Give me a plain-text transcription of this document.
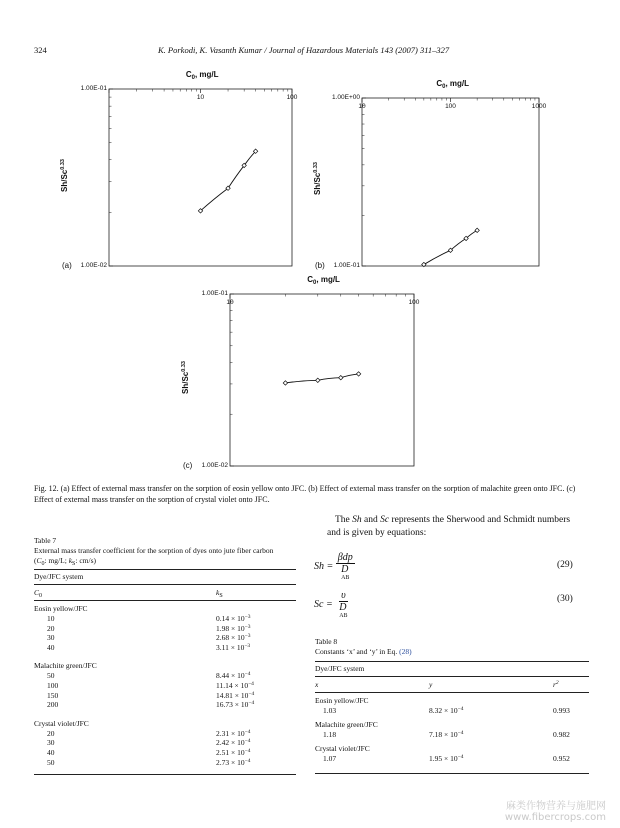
324	K. Porkodi, K. Vasanth Kumar / Journal of Hazardous Materials 143 (2007) 311–327
10	100
1.00E-01
1.00E-02
$C_0$, mg/L
$Sh/Sc^{0.33}$
(a)
10	100	1000
1.00E+00
1.00E-01
$C_0$, mg/L
$Sh/Sc^{0.33}$
(b)
10	100
1.00E-01
1.00E-02
$C_0$, mg/L
$Sh/Sc^{0.33}$
(c)
Fig. 12. (a) Effect of external mass transfer on the sorption of eosin yellow onto JFC. (b) Effect of external mass transfer on the sorption of malachite green onto JFC. (c) Effect of external mass transfer on the sorption of crystal violet onto JFC.
Table 7
External mass transfer coefficient for the sorption of dyes onto jute fiber carbon
($C_0$: mg/L; $k_S$: cm/s)
Dye/JFC system
$C_0$	$k_S$
Eosin yellow/JFC
10	$0.14 \times 10^{-3}$
20	$1.98 \times 10^{-3}$
30	$2.68 \times 10^{-3}$
40	$3.11 \times 10^{-3}$
Malachite green/JFC
50	$8.44 \times 10^{-4}$
100	$11.14 \times 10^{-4}$
150	$14.81 \times 10^{-4}$
200	$16.73 \times 10^{-4}$
Crystal violet/JFC
20	$2.31 \times 10^{-4}$
30	$2.42 \times 10^{-4}$
40	$2.51 \times 10^{-4}$
50	$2.73 \times 10^{-4}$
The Sh and Sc represents the Sherwood and Schmidt numbers
and is given by equations:
Sh = βdp
D
AB	(29)
Sc = υ
D
AB	(30)
Table 8
Constants ‘x’ and ‘y’ in Eq. (28)
Dye/JFC system
x	y	$r^2$
Eosin yellow/JFC
1.03	$8.32 \times 10^{-4}$	0.993
Malachite green/JFC
1.18	$7.18 \times 10^{-4}$	0.982
Crystal violet/JFC
1.07	$1.95 \times 10^{-4}$	0.952
麻类作物营养与施肥网
www.fibercrops.com
